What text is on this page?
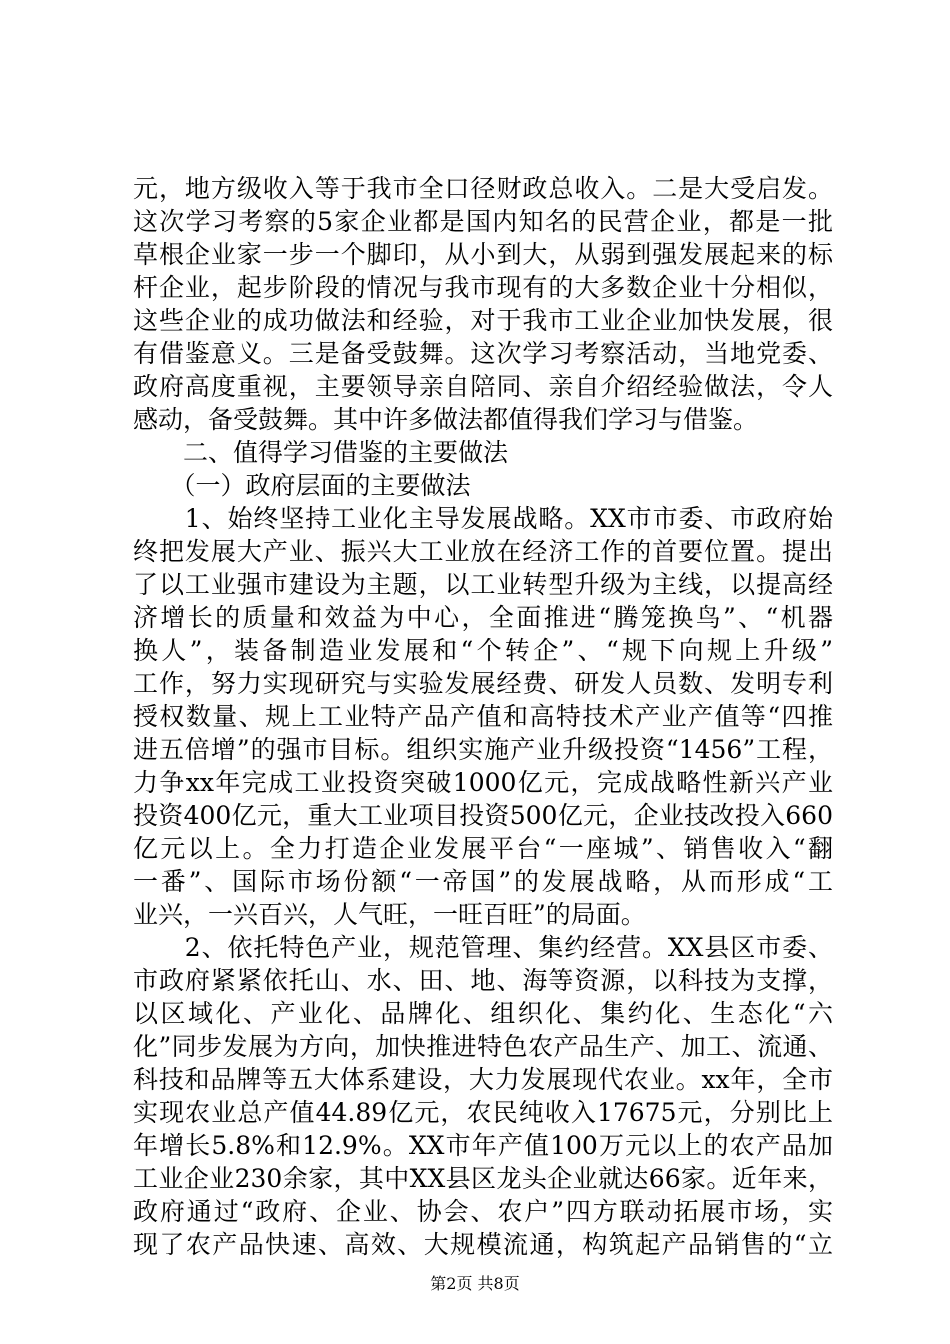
元，地方级收入等于我市全口径财政总收入。二是大受启发。
这次学习考察的5家企业都是国内知名的民营企业，都是一批
草根企业家一步一个脚印，从小到大，从弱到强发展起来的标
杆企业，起步阶段的情况与我市现有的大多数企业十分相似，
这些企业的成功做法和经验，对于我市工业企业加快发展，很
有借鉴意义。三是备受鼓舞。这次学习考察活动，当地党委、
政府高度重视，主要领导亲自陪同、亲自介绍经验做法，令人
感动，备受鼓舞。其中许多做法都值得我们学习与借鉴。
　　二、值得学习借鉴的主要做法
　　（一）政府层面的主要做法
　　1、始终坚持工业化主导发展战略。XX市市委、市政府始
终把发展大产业、振兴大工业放在经济工作的首要位置。提出
了以工业强市建设为主题，以工业转型升级为主线，以提高经
济增长的质量和效益为中心，全面推进“腾笼换鸟”、“机器
换人”，装备制造业发展和“个转企”、“规下向规上升级”
工作，努力实现研究与实验发展经费、研发人员数、发明专利
授权数量、规上工业特产品产值和高特技术产业产值等“四推
进五倍增”的强市目标。组织实施产业升级投资“1456”工程，
力争xx年完成工业投资突破1000亿元，完成战略性新兴产业
投资400亿元，重大工业项目投资500亿元，企业技改投入660
亿元以上。全力打造企业发展平台“一座城”、销售收入“翻
一番”、国际市场份额“一帝国”的发展战略，从而形成“工
业兴，一兴百兴，人气旺，一旺百旺”的局面。
　　2、依托特色产业，规范管理、集约经营。XX县区市委、
市政府紧紧依托山、水、田、地、海等资源，以科技为支撑，
以区域化、产业化、品牌化、组织化、集约化、生态化“六
化”同步发展为方向，加快推进特色农产品生产、加工、流通、
科技和品牌等五大体系建设，大力发展现代农业。xx年，全市
实现农业总产值44.89亿元，农民纯收入17675元，分别比上
年增长5.8%和12.9%。XX市年产值100万元以上的农产品加
工业企业230余家，其中XX县区龙头企业就达66家。近年来，
政府通过“政府、企业、协会、农户”四方联动拓展市场，实
现了农产品快速、高效、大规模流通，构筑起产品销售的“立
第2页 共8页
